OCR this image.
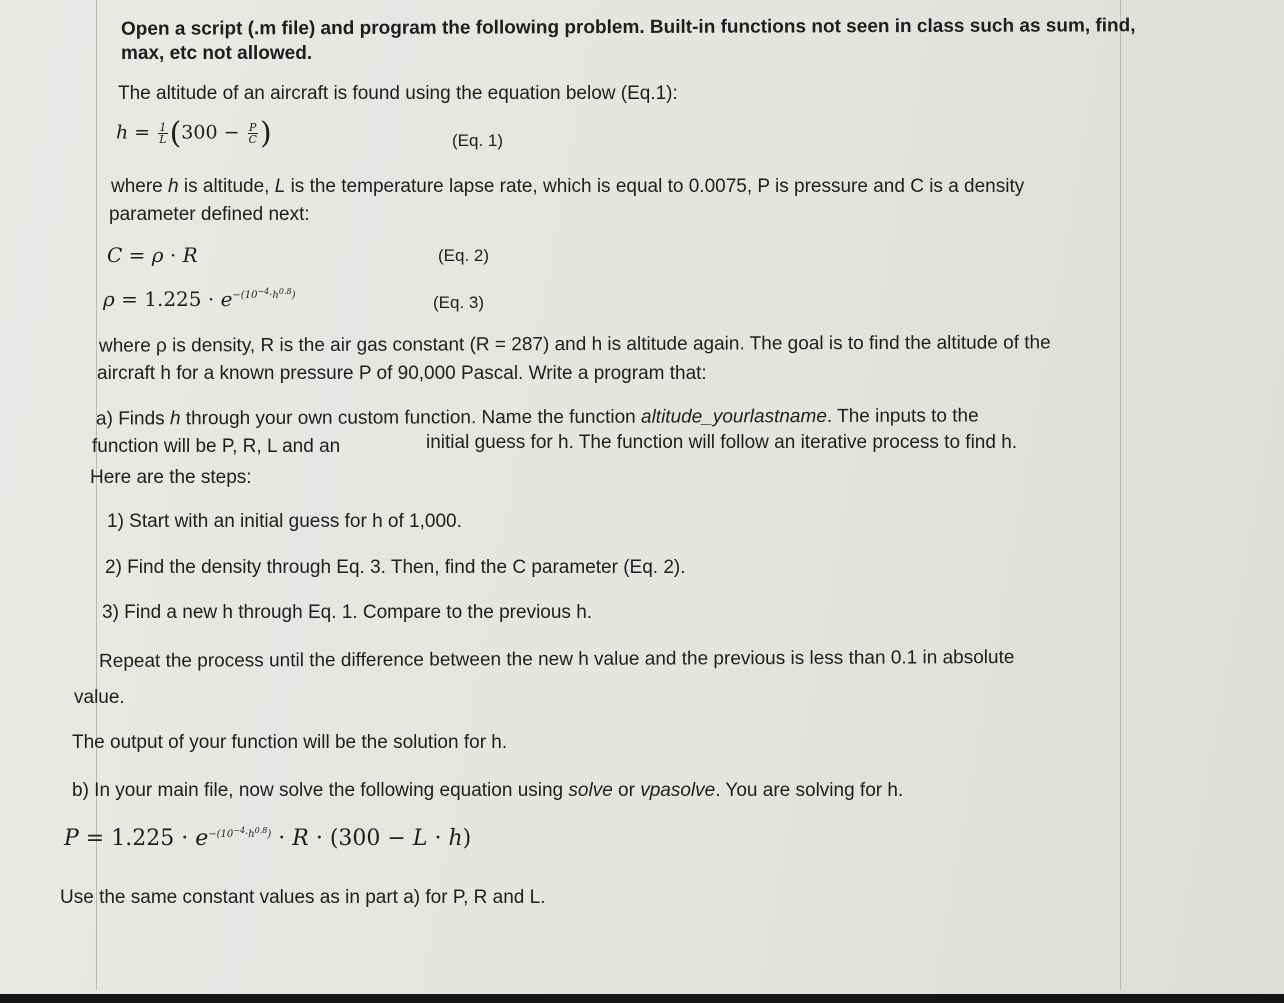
Open a script (.m file) and program the following problem. Built-in functions not seen in class such as sum, find,
max, etc not allowed.
The altitude of an aircraft is found using the equation below (Eq.1):
$h = \frac{1}{L} (300 - \frac{P}{C}$ )	(Eq. 1)
where h is altitude, L is the temperature lapse rate, which is equal to 0.0075, P is pressure and C is a density
parameter defined next:
C = ρ · R	(Eq. 2)
$\rho = 1.225 \cdot e^{-(10^{-4}\cdot h^{0.8})}$	(Eq. 3)
where ρ is density, R is the air gas constant (R = 287) and h is altitude again. The goal is to find the altitude of the
aircraft h for a known pressure P of 90,000 Pascal. Write a program that:
a) Finds h through your own custom function. Name the function altitude_yourlastname. The inputs to the
function will be P, R, L and an	initial guess for h. The function will follow an iterative process to find h.
Here are the steps:
1) Start with an initial guess for h of 1,000.
2) Find the density through Eq. 3. Then, find the C parameter (Eq. 2).
3) Find a new h through Eq. 1. Compare to the previous h.
Repeat the process until the difference between the new h value and the previous is less than 0.1 in absolute
value.
The output of your function will be the solution for h.
b) In your main file, now solve the following equation using solve or vpasolve. You are solving for h.
$P = 1.225 \cdot e^{-(10^{-4}\cdot h^{0.8})} \cdot R \cdot (300 - L \cdot h)$
Use the same constant values as in part a) for P, R and L.
